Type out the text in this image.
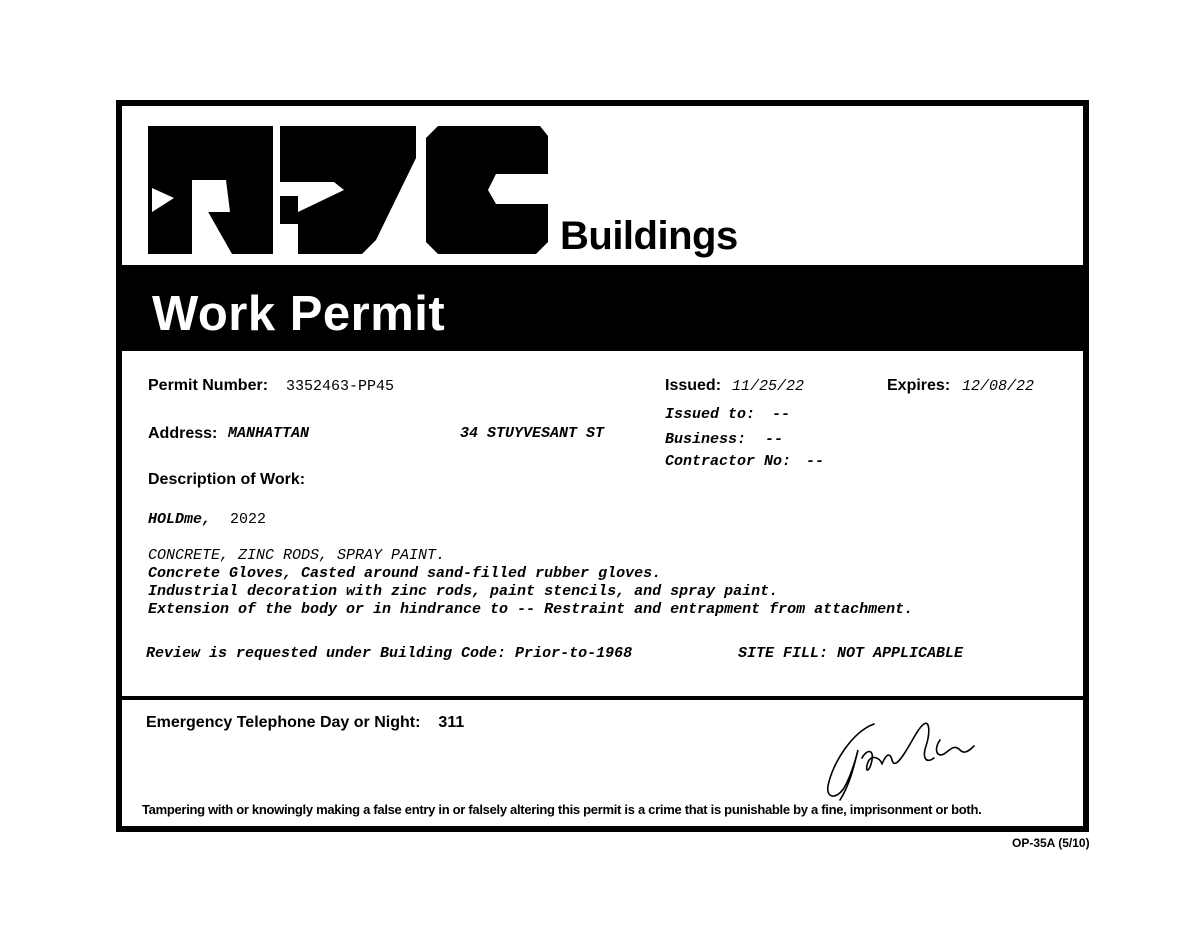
Buildings
Work Permit
Permit Number: 3352463-PP45	Issued: 11/25/22	Expires: 12/08/22
Issued to: --
Address: MANHATTAN	34 STUYVESANT ST	Business: --
Contractor No: --
Description of Work:
HOLDme, 2022
CONCRETE, ZINC RODS, SPRAY PAINT.
Concrete Gloves, Casted around sand-filled rubber gloves.
Industrial decoration with zinc rods, paint stencils, and spray paint.
Extension of the body or in hindrance to -- Restraint and entrapment from attachment.
Review is requested under Building Code: Prior-to-1968	SITE FILL: NOT APPLICABLE
Emergency Telephone Day or Night: 311
Tampering with or knowingly making a false entry in or falsely altering this permit is a crime that is punishable by a fine, imprisonment or both.
OP-35A (5/10)
